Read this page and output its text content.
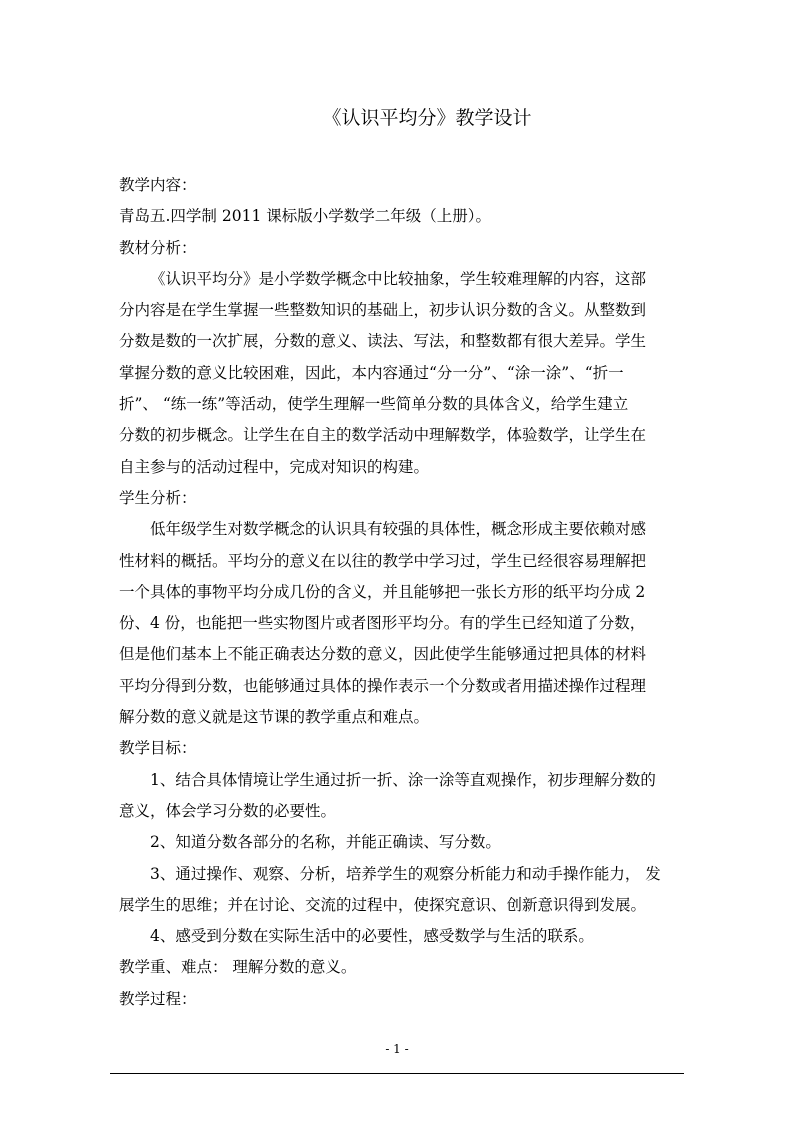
《认识平均分》教学设计

教学内容：

青岛五.四学制 2011 课标版小学数学二年级（上册）。

教材分析：

《认识平均分》是小学数学概念中比较抽象，学生较难理解的内容，这部
分内容是在学生掌握一些整数知识的基础上，初步认识分数的含义。从整数到
分数是数的一次扩展，分数的意义、读法、写法，和整数都有很大差异。学生
掌握分数的意义比较困难，因此，本内容通过“分一分”、“涂一涂”、“折一
折”、 “练一练”等活动，使学生理解一些简单分数的具体含义，给学生建立
分数的初步概念。让学生在自主的数学活动中理解数学，体验数学，让学生在
自主参与的活动过程中，完成对知识的构建。

学生分析：

低年级学生对数学概念的认识具有较强的具体性，概念形成主要依赖对感
性材料的概括。平均分的意义在以往的教学中学习过，学生已经很容易理解把
一个具体的事物平均分成几份的含义，并且能够把一张长方形的纸平均分成 2
份、4 份，也能把一些实物图片或者图形平均分。有的学生已经知道了分数，
但是他们基本上不能正确表达分数的意义，因此使学生能够通过把具体的材料
平均分得到分数，也能够通过具体的操作表示一个分数或者用描述操作过程理
解分数的意义就是这节课的教学重点和难点。

教学目标：

1、结合具体情境让学生通过折一折、涂一涂等直观操作，初步理解分数的
意义，体会学习分数的必要性。

2、知道分数各部分的名称，并能正确读、写分数。

3、通过操作、观察、分析，培养学生的观察分析能力和动手操作能力， 发
展学生的思维；并在讨论、交流的过程中，使探究意识、创新意识得到发展。

4、感受到分数在实际生活中的必要性，感受数学与生活的联系。

教学重、难点： 理解分数的意义。

教学过程：

- 1 -
